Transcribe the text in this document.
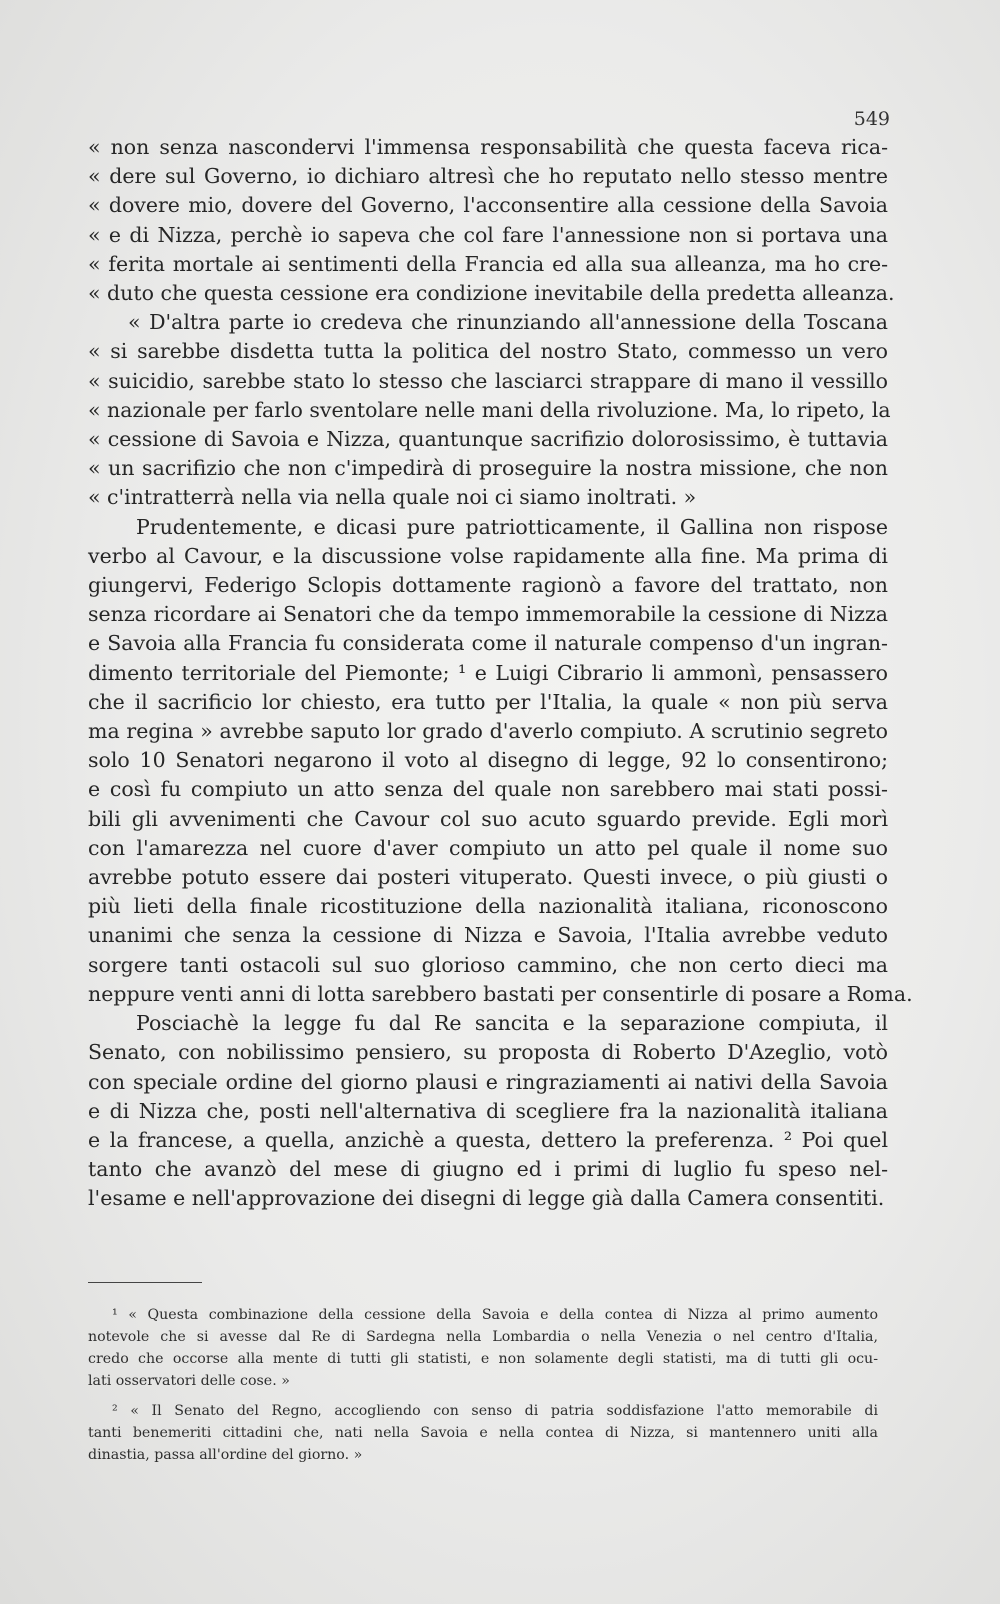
549
« non senza nascondervi l'immensa responsabilità che questa faceva rica-
« dere sul Governo, io dichiaro altresì che ho reputato nello stesso mentre
« dovere mio, dovere del Governo, l'acconsentire alla cessione della Savoia
« e di Nizza, perchè io sapeva che col fare l'annessione non si portava una
« ferita mortale ai sentimenti della Francia ed alla sua alleanza, ma ho cre-
« duto che questa cessione era condizione inevitabile della predetta alleanza.
« D'altra parte io credeva che rinunziando all'annessione della Toscana
« si sarebbe disdetta tutta la politica del nostro Stato, commesso un vero
« suicidio, sarebbe stato lo stesso che lasciarci strappare di mano il vessillo
« nazionale per farlo sventolare nelle mani della rivoluzione. Ma, lo ripeto, la
« cessione di Savoia e Nizza, quantunque sacrifizio dolorosissimo, è tuttavia
« un sacrifizio che non c'impedirà di proseguire la nostra missione, che non
« c'intratterrà nella via nella quale noi ci siamo inoltrati. »
Prudentemente, e dicasi pure patriotticamente, il Gallina non rispose
verbo al Cavour, e la discussione volse rapidamente alla fine. Ma prima di
giungervi, Federigo Sclopis dottamente ragionò a favore del trattato, non
senza ricordare ai Senatori che da tempo immemorabile la cessione di Nizza
e Savoia alla Francia fu considerata come il naturale compenso d'un ingran-
dimento territoriale del Piemonte; ¹ e Luigi Cibrario li ammonì, pensassero
che il sacrificio lor chiesto, era tutto per l'Italia, la quale « non più serva
ma regina » avrebbe saputo lor grado d'averlo compiuto. A scrutinio segreto
solo 10 Senatori negarono il voto al disegno di legge, 92 lo consentirono;
e così fu compiuto un atto senza del quale non sarebbero mai stati possi-
bili gli avvenimenti che Cavour col suo acuto sguardo previde. Egli morì
con l'amarezza nel cuore d'aver compiuto un atto pel quale il nome suo
avrebbe potuto essere dai posteri vituperato. Questi invece, o più giusti o
più lieti della finale ricostituzione della nazionalità italiana, riconoscono
unanimi che senza la cessione di Nizza e Savoia, l'Italia avrebbe veduto
sorgere tanti ostacoli sul suo glorioso cammino, che non certo dieci ma
neppure venti anni di lotta sarebbero bastati per consentirle di posare a Roma.
Posciachè la legge fu dal Re sancita e la separazione compiuta, il
Senato, con nobilissimo pensiero, su proposta di Roberto D'Azeglio, votò
con speciale ordine del giorno plausi e ringraziamenti ai nativi della Savoia
e di Nizza che, posti nell'alternativa di scegliere fra la nazionalità italiana
e la francese, a quella, anzichè a questa, dettero la preferenza. ² Poi quel
tanto che avanzò del mese di giugno ed i primi di luglio fu speso nel-
l'esame e nell'approvazione dei disegni di legge già dalla Camera consentiti.
¹ « Questa combinazione della cessione della Savoia e della contea di Nizza al primo aumento
notevole che si avesse dal Re di Sardegna nella Lombardia o nella Venezia o nel centro d'Italia,
credo che occorse alla mente di tutti gli statisti, e non solamente degli statisti, ma di tutti gli ocu-
lati osservatori delle cose. »
² « Il Senato del Regno, accogliendo con senso di patria soddisfazione l'atto memorabile di
tanti benemeriti cittadini che, nati nella Savoia e nella contea di Nizza, si mantennero uniti alla
dinastia, passa all'ordine del giorno. »
